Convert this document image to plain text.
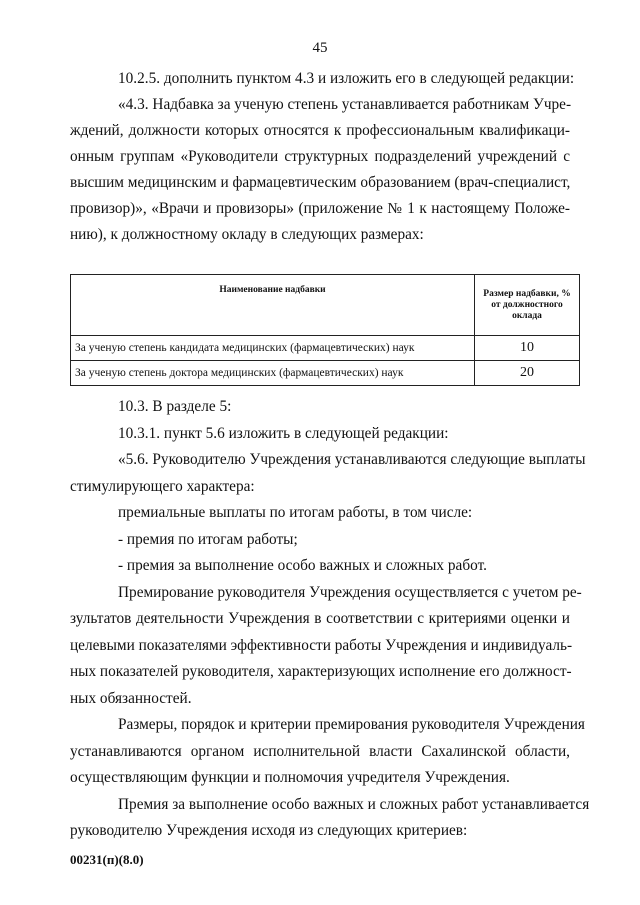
45
10.2.5. дополнить пунктом 4.3 и изложить его в следующей редакции:
«4.3. Надбавка за ученую степень устанавливается работникам Учре-
ждений, должности которых относятся к профессиональным квалификаци-
онным группам «Руководители структурных подразделений учреждений с
высшим медицинским и фармацевтическим образованием (врач-специалист,
провизор)», «Врачи и провизоры» (приложение № 1 к настоящему Положе-
нию), к должностному окладу в следующих размерах:
Наименование надбавки	Размер надбавки, % от должностного оклада
За ученую степень кандидата медицинских (фармацевтических) наук	10
За ученую степень доктора медицинских (фармацевтических) наук	20
10.3. В разделе 5:
10.3.1. пункт 5.6 изложить в следующей редакции:
«5.6. Руководителю Учреждения устанавливаются следующие выплаты
стимулирующего характера:
премиальные выплаты по итогам работы, в том числе:
- премия по итогам работы;
- премия за выполнение особо важных и сложных работ.
Премирование руководителя Учреждения осуществляется с учетом ре-
зультатов деятельности Учреждения в соответствии с критериями оценки и
целевыми показателями эффективности работы Учреждения и индивидуаль-
ных показателей руководителя, характеризующих исполнение его должност-
ных обязанностей.
Размеры, порядок и критерии премирования руководителя Учреждения
устанавливаются органом исполнительной власти Сахалинской области,
осуществляющим функции и полномочия учредителя Учреждения.
Премия за выполнение особо важных и сложных работ устанавливается
руководителю Учреждения исходя из следующих критериев:
00231(п)(8.0)
